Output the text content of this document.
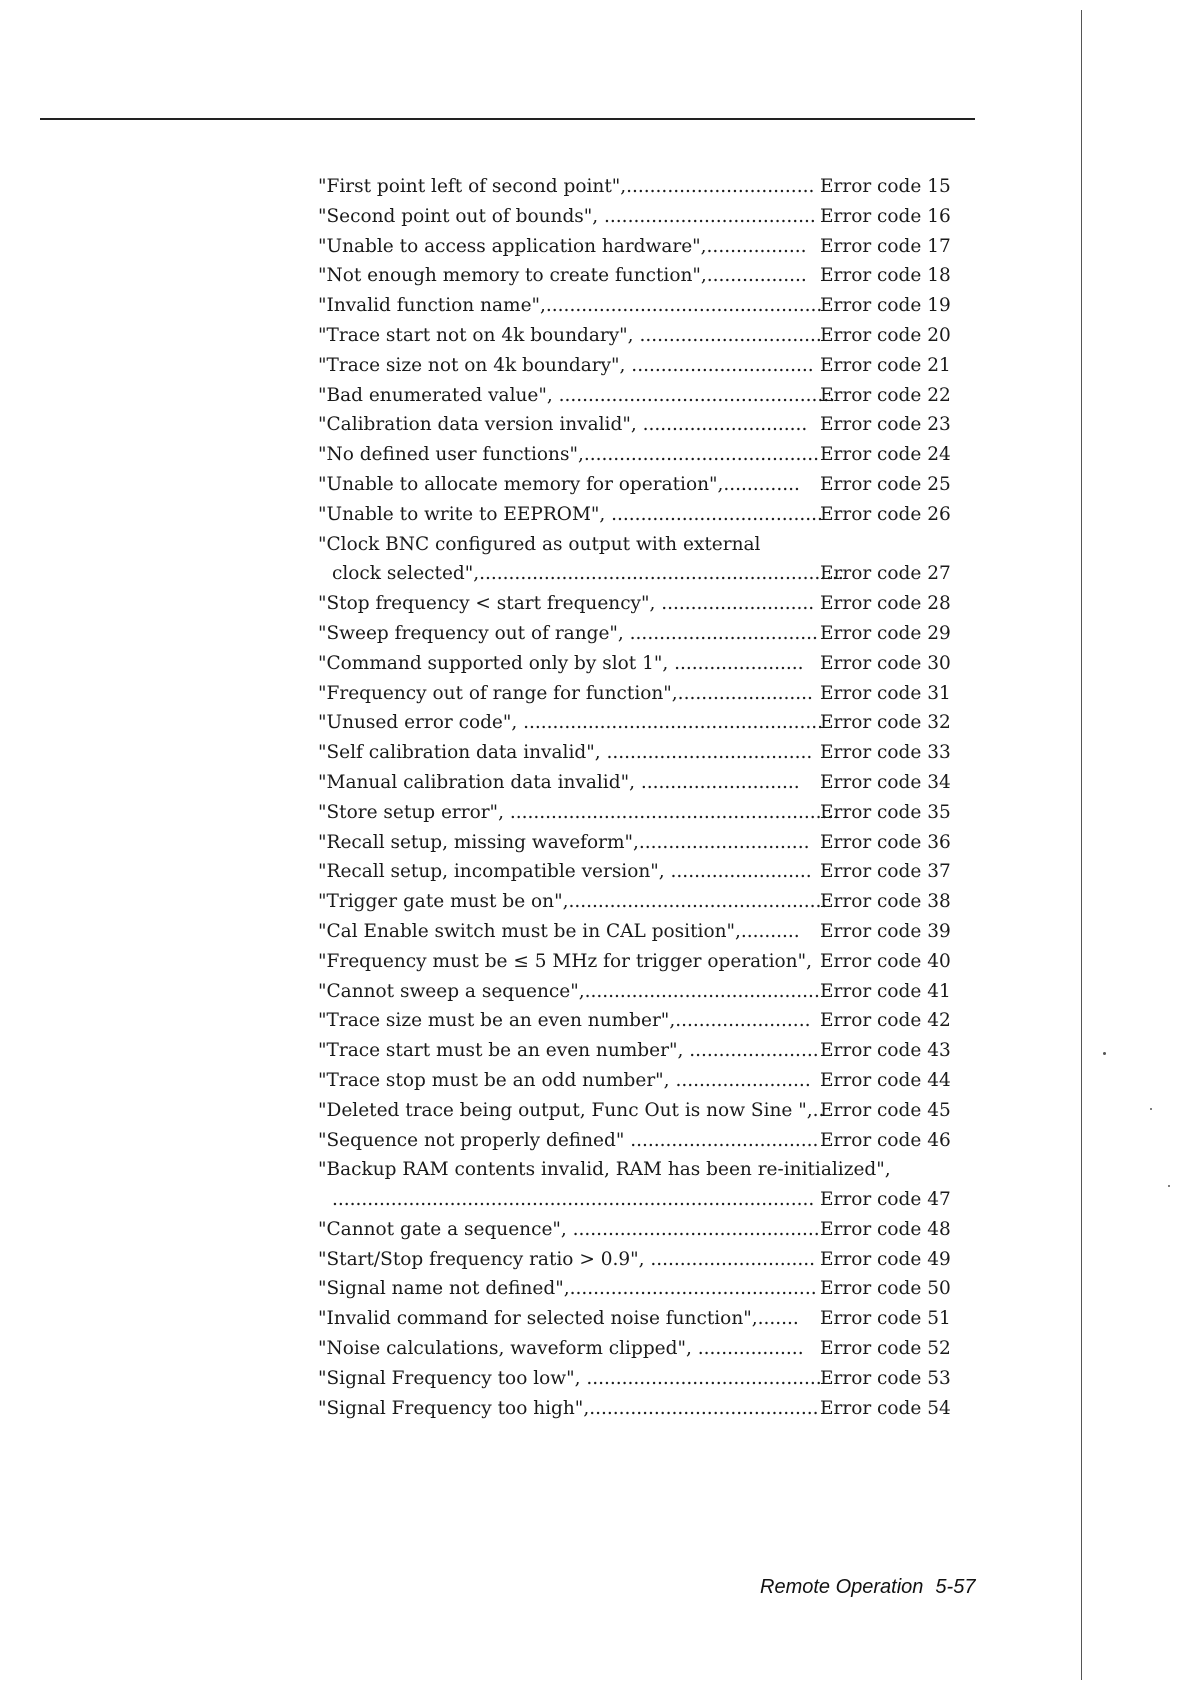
"First point left of second point",................................ Error code 15
"Second point out of bounds", .................................... Error code 16
"Unable to access application hardware",................. Error code 17
"Not enough memory to create function",................. Error code 18
"Invalid function name",...............................................
Error code 19
"Trace start not on 4k boundary", ...............................
Error code 20
"Trace size not on 4k boundary", ............................... Error code 21
"Bad enumerated value", ...............................................
Error code 22
"Calibration data version invalid", ............................ Error code 23
"No defined user functions",........................................ Error code 24
"Unable to allocate memory for operation",............. Error code 25
"Unable to write to EEPROM", ....................................
Error code 26
"Clock BNC configured as output with external
clock selected",..............................................................
Error code 27
"Stop frequency < start frequency", .......................... Error code 28
"Sweep frequency out of range", ................................ Error code 29
"Command supported only by slot 1", ...................... Error code 30
"Frequency out of range for function",....................... Error code 31
"Unused error code", ...................................................
Error code 32
"Self calibration data invalid", ................................... Error code 33
"Manual calibration data invalid", ........................... Error code 34
"Store setup error", ........................................................
Error code 35
"Recall setup, missing waveform",............................. Error code 36
"Recall setup, incompatible version", ........................ Error code 37
"Trigger gate must be on",............................................
Error code 38
"Cal Enable switch must be in CAL position",.......... Error code 39
"Frequency must be ≤ 5 MHz for trigger operation", Error code 40
"Cannot sweep a sequence",........................................ Error code 41
"Trace size must be an even number",....................... Error code 42
"Trace start must be an even number", ...................... Error code 43
"Trace stop must be an odd number", ....................... Error code 44
"Deleted trace being output, Func Out is now Sine ",..
Error code 45
"Sequence not properly defined" ................................ Error code 46
"Backup RAM contents invalid, RAM has been re-initialized",
.................................................................................. Error code 47
"Cannot gate a sequence", .......................................... Error code 48
"Start/Stop frequency ratio > 0.9", ............................ Error code 49
"Signal name not defined",.......................................... Error code 50
"Invalid command for selected noise function",....... Error code 51
"Noise calculations, waveform clipped", .................. Error code 52
"Signal Frequency too low", ........................................
Error code 53
"Signal Frequency too high",....................................... Error code 54
Remote Operation 5-57
